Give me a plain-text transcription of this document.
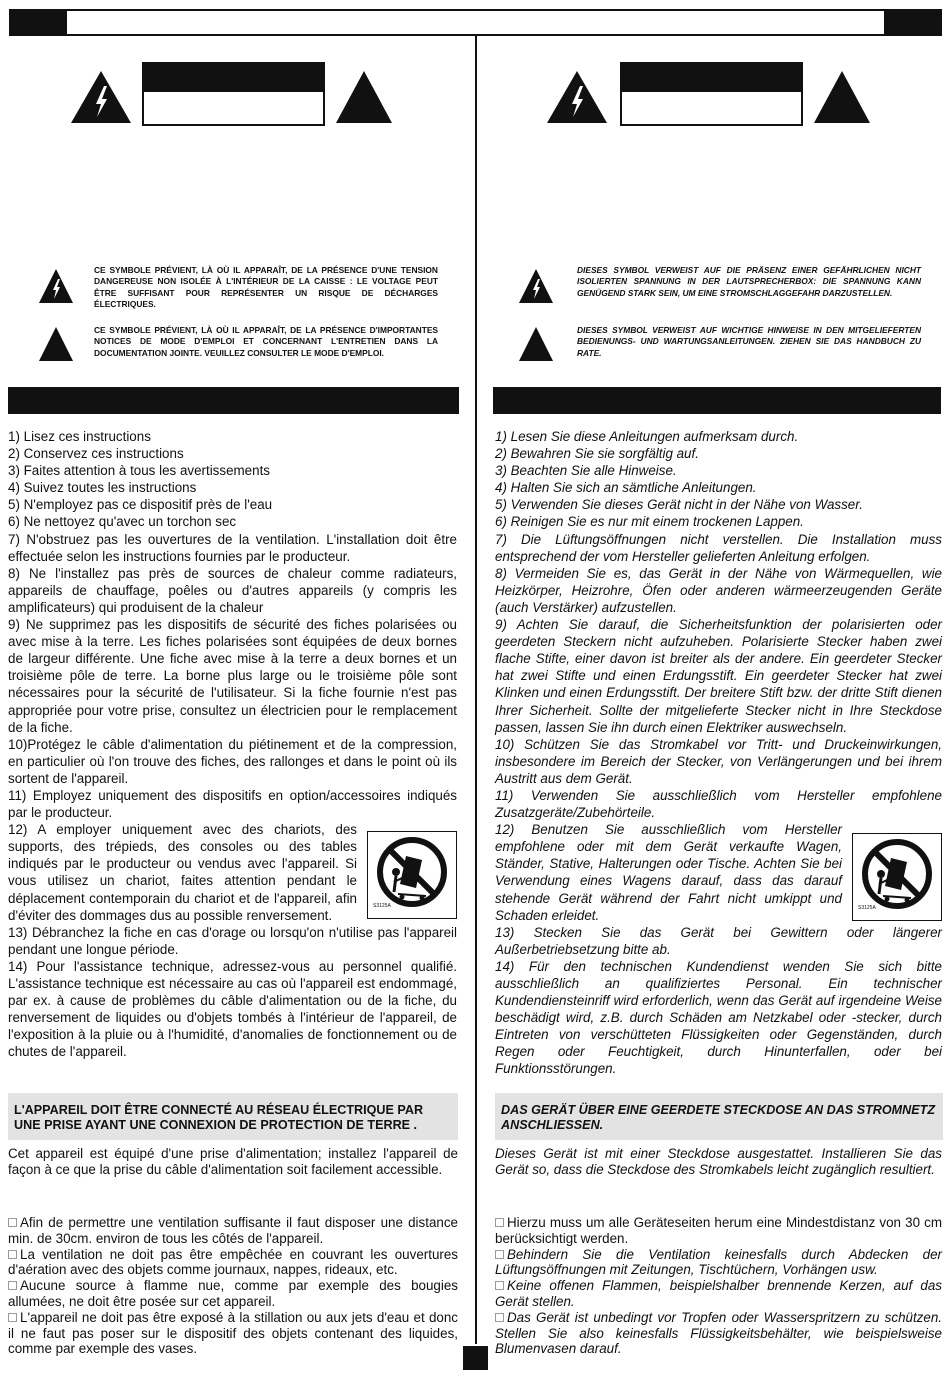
CE SYMBOLE PRÉVIENT, LÀ OÙ IL APPARAÎT, DE LA PRÉSENCE D'UNE TENSION DANGEREUSE NON ISOLÉE À L'INTÉRIEUR DE LA CAISSE : LE VOLTAGE PEUT ÊTRE SUFFISANT POUR REPRÉSENTER UN RISQUE DE DÉCHARGES ÉLECTRIQUES.
CE SYMBOLE PRÉVIENT, LÀ OÙ IL APPARAÎT, DE LA PRÉSENCE D'IMPORTANTES NOTICES DE MODE D'EMPLOI ET CONCERNANT L'ENTRETIEN DANS LA DOCUMENTATION JOINTE. VEUILLEZ CONSULTER LE MODE D'EMPLOI.

1) Lisez ces instructions

2) Conservez ces instructions

3) Faites attention à tous les avertissements

4) Suivez toutes les instructions

5) N'employez pas ce dispositif près de l'eau

6) Ne nettoyez qu'avec un torchon sec

7) N'obstruez pas les ouvertures de la ventilation. L'installation doit être effectuée selon les instructions fournies par le producteur.

8) Ne l'installez pas près de sources de chaleur comme radiateurs, appareils de chauffage, poêles ou d'autres appareils (y compris les amplificateurs) qui produisent de la chaleur

9) Ne supprimez pas les dispositifs de sécurité des fiches polarisées ou avec mise à la terre. Les fiches polarisées sont équipées de deux bornes de largeur différente. Une fiche avec mise à la terre a deux bornes et un troisième pôle de terre. La borne plus large ou le troisième pôle sont nécessaires pour la sécurité de l'utilisateur. Si la fiche fournie n'est pas appropriée pour votre prise, consultez un électricien pour le remplacement de la fiche.

10)Protégez le câble d'alimentation du piétinement et de la compression, en particulier où l'on trouve des fiches, des rallonges et dans le point où ils sortent de l'appareil.

11) Employez uniquement des dispositifs en option/accessoires indiqués par le producteur.

S3125A

12) A employer uniquement avec des chariots, des supports, des trépieds, des consoles ou des tables indiqués par le producteur ou vendus avec l'appareil. Si vous utilisez un chariot, faites attention pendant le déplacement contemporain du chariot et de l'appareil, afin d'éviter des dommages dus au possible renversement.

13) Débranchez la fiche en cas d'orage ou lorsqu'on n'utilise pas l'appareil pendant une longue période.

14) Pour l'assistance technique, adressez-vous au personnel qualifié. L'assistance technique est nécessaire au cas où l'appareil est endommagé, par ex. à cause de problèmes du câble d'alimentation ou de la fiche, du renversement de liquides ou d'objets tombés à l'intérieur de l'appareil, de l'exposition à la pluie ou à l'humidité, d'anomalies de fonctionnement ou de chutes de l'appareil.

L'APPAREIL DOIT ÊTRE CONNECTÉ AU RÉSEAU ÉLECTRIQUE PAR UNE PRISE AYANT UNE CONNEXION DE PROTECTION DE TERRE .
Cet appareil est équipé d'une prise d'alimentation; installez l'appareil de façon à ce que la prise du câble d'alimentation soit facilement accessible.

Afin de permettre une ventilation suffisante il faut disposer une distance min. de 30cm. environ de tous les côtés de l'appareil.

La ventilation ne doit pas être empêchée en couvrant les ouvertures d'aération avec des objets comme journaux, nappes, rideaux, etc.

Aucune source à flamme nue, comme par exemple des bougies allumées, ne doit être posée sur cet appareil.

L'appareil ne doit pas être exposé à la stillation ou aux jets d'eau et donc il ne faut pas poser sur le dispositif des objets contenant des liquides, comme par exemple des vases.

DIESES SYMBOL VERWEIST AUF DIE PRÄSENZ EINER GEFÄHRLICHEN NICHT ISOLIERTEN SPANNUNG IN DER LAUTSPRECHERBOX: DIE SPANNUNG KANN GENÜGEND STARK SEIN, UM EINE STROMSCHLAGGEFAHR DARZUSTELLEN.
DIESES SYMBOL VERWEIST AUF WICHTIGE HINWEISE IN DEN MITGELIEFERTEN BEDIENUNGS- UND WARTUNGSANLEITUNGEN. ZIEHEN SIE DAS HANDBUCH ZU RATE.

1) Lesen Sie diese Anleitungen aufmerksam durch.

2) Bewahren Sie sie sorgfältig auf.

3) Beachten Sie alle Hinweise.

4) Halten Sie sich an sämtliche Anleitungen.

5) Verwenden Sie dieses Gerät nicht in der Nähe von Wasser.

6) Reinigen Sie es nur mit einem trockenen Lappen.

7) Die Lüftungsöffnungen nicht verstellen. Die Installation muss entsprechend der vom Hersteller gelieferten Anleitung erfolgen.

8) Vermeiden Sie es, das Gerät in der Nähe von Wärmequellen, wie Heizkörper, Heizrohre, Öfen oder anderen wärmeerzeugenden Geräte (auch Verstärker) aufzustellen.

9) Achten Sie darauf, die Sicherheitsfunktion der polarisierten oder geerdeten Steckern nicht aufzuheben. Polarisierte Stecker haben zwei flache Stifte, einer davon ist breiter als der andere. Ein geerdeter Stecker hat zwei Stifte und einen Erdungsstift. Ein geerdeter Stecker hat zwei Klinken und einen Erdungsstift. Der breitere Stift bzw. der dritte Stift dienen Ihrer Sicherheit. Sollte der mitgelieferte Stecker nicht in Ihre Steckdose passen, lassen Sie ihn durch einen Elektriker auswechseln.

10) Schützen Sie das Stromkabel vor Tritt- und Druckeinwirkungen, insbesondere im Bereich der Stecker, von Verlängerungen und bei ihrem Austritt aus dem Gerät.

11) Verwenden Sie ausschließlich vom Hersteller empfohlene Zusatzgeräte/Zubehörteile.

S3125A

12) Benutzen Sie ausschließlich vom Hersteller empfohlene oder mit dem Gerät verkaufte Wagen, Ständer, Stative, Halterungen oder Tische. Achten Sie bei Verwendung eines Wagens darauf, dass das darauf stehende Gerät während der Fahrt nicht umkippt und Schaden erleidet.

13) Stecken Sie das Gerät bei Gewittern oder längerer Außerbetriebsetzung bitte ab.

14) Für den technischen Kundendienst wenden Sie sich bitte ausschließlich an qualifiziertes Personal. Ein technischer Kundendiensteinriff wird erforderlich, wenn das Gerät auf irgendeine Weise beschädigt wird, z.B. durch Schäden am Netzkabel oder -stecker, durch Eintreten von verschütteten Flüssigkeiten oder Gegenständen, durch Regen oder Feuchtigkeit, durch Hinunterfallen, oder bei Funktionsstörungen.

DAS GERÄT ÜBER EINE GEERDETE STECKDOSE AN DAS STROMNETZ ANSCHLIESSEN.
Dieses Gerät ist mit einer Steckdose ausgestattet. Installieren Sie das Gerät so, dass die Steckdose des Stromkabels leicht zugänglich resultiert.

Hierzu muss um alle Geräteseiten herum eine Mindestdistanz von 30 cm berücksichtigt werden.

Behindern Sie die Ventilation keinesfalls durch Abdecken der Lüftungsöffnungen mit Zeitungen, Tischtüchern, Vorhängen usw.

Keine offenen Flammen, beispielshalber brennende Kerzen, auf das Gerät stellen.

Das Gerät ist unbedingt vor Tropfen oder Wasserspritzern zu schützen. Stellen Sie also keinesfalls Flüssigkeitsbehälter, wie beispielsweise Blumenvasen darauf.
